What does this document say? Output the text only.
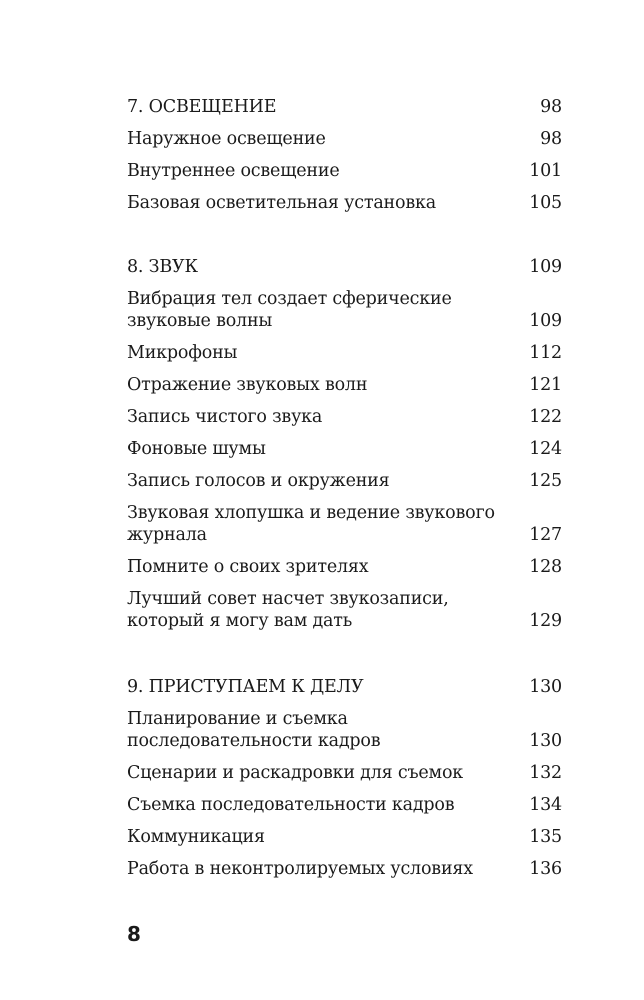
7. ОСВЕЩЕНИЕ	98
Наружное освещение	98
Внутреннее освещение	101
Базовая осветительная установка	105
8. ЗВУК	109
Вибрация тел создает сферические звуковые волны	109
Микрофоны	112
Отражение звуковых волн	121
Запись чистого звука	122
Фоновые шумы	124
Запись голосов и окружения	125
Звуковая хлопушка и ведение звукового журнала	127
Помните о своих зрителях	128
Лучший совет насчет звукозаписи, который я могу вам дать	129
9. ПРИСТУПАЕМ К ДЕЛУ	130
Планирование и съемка последовательности кадров	130
Сценарии и раскадровки для съемок	132
Съемка последовательности кадров	134
Коммуникация	135
Работа в неконтролируемых условиях	136
8
